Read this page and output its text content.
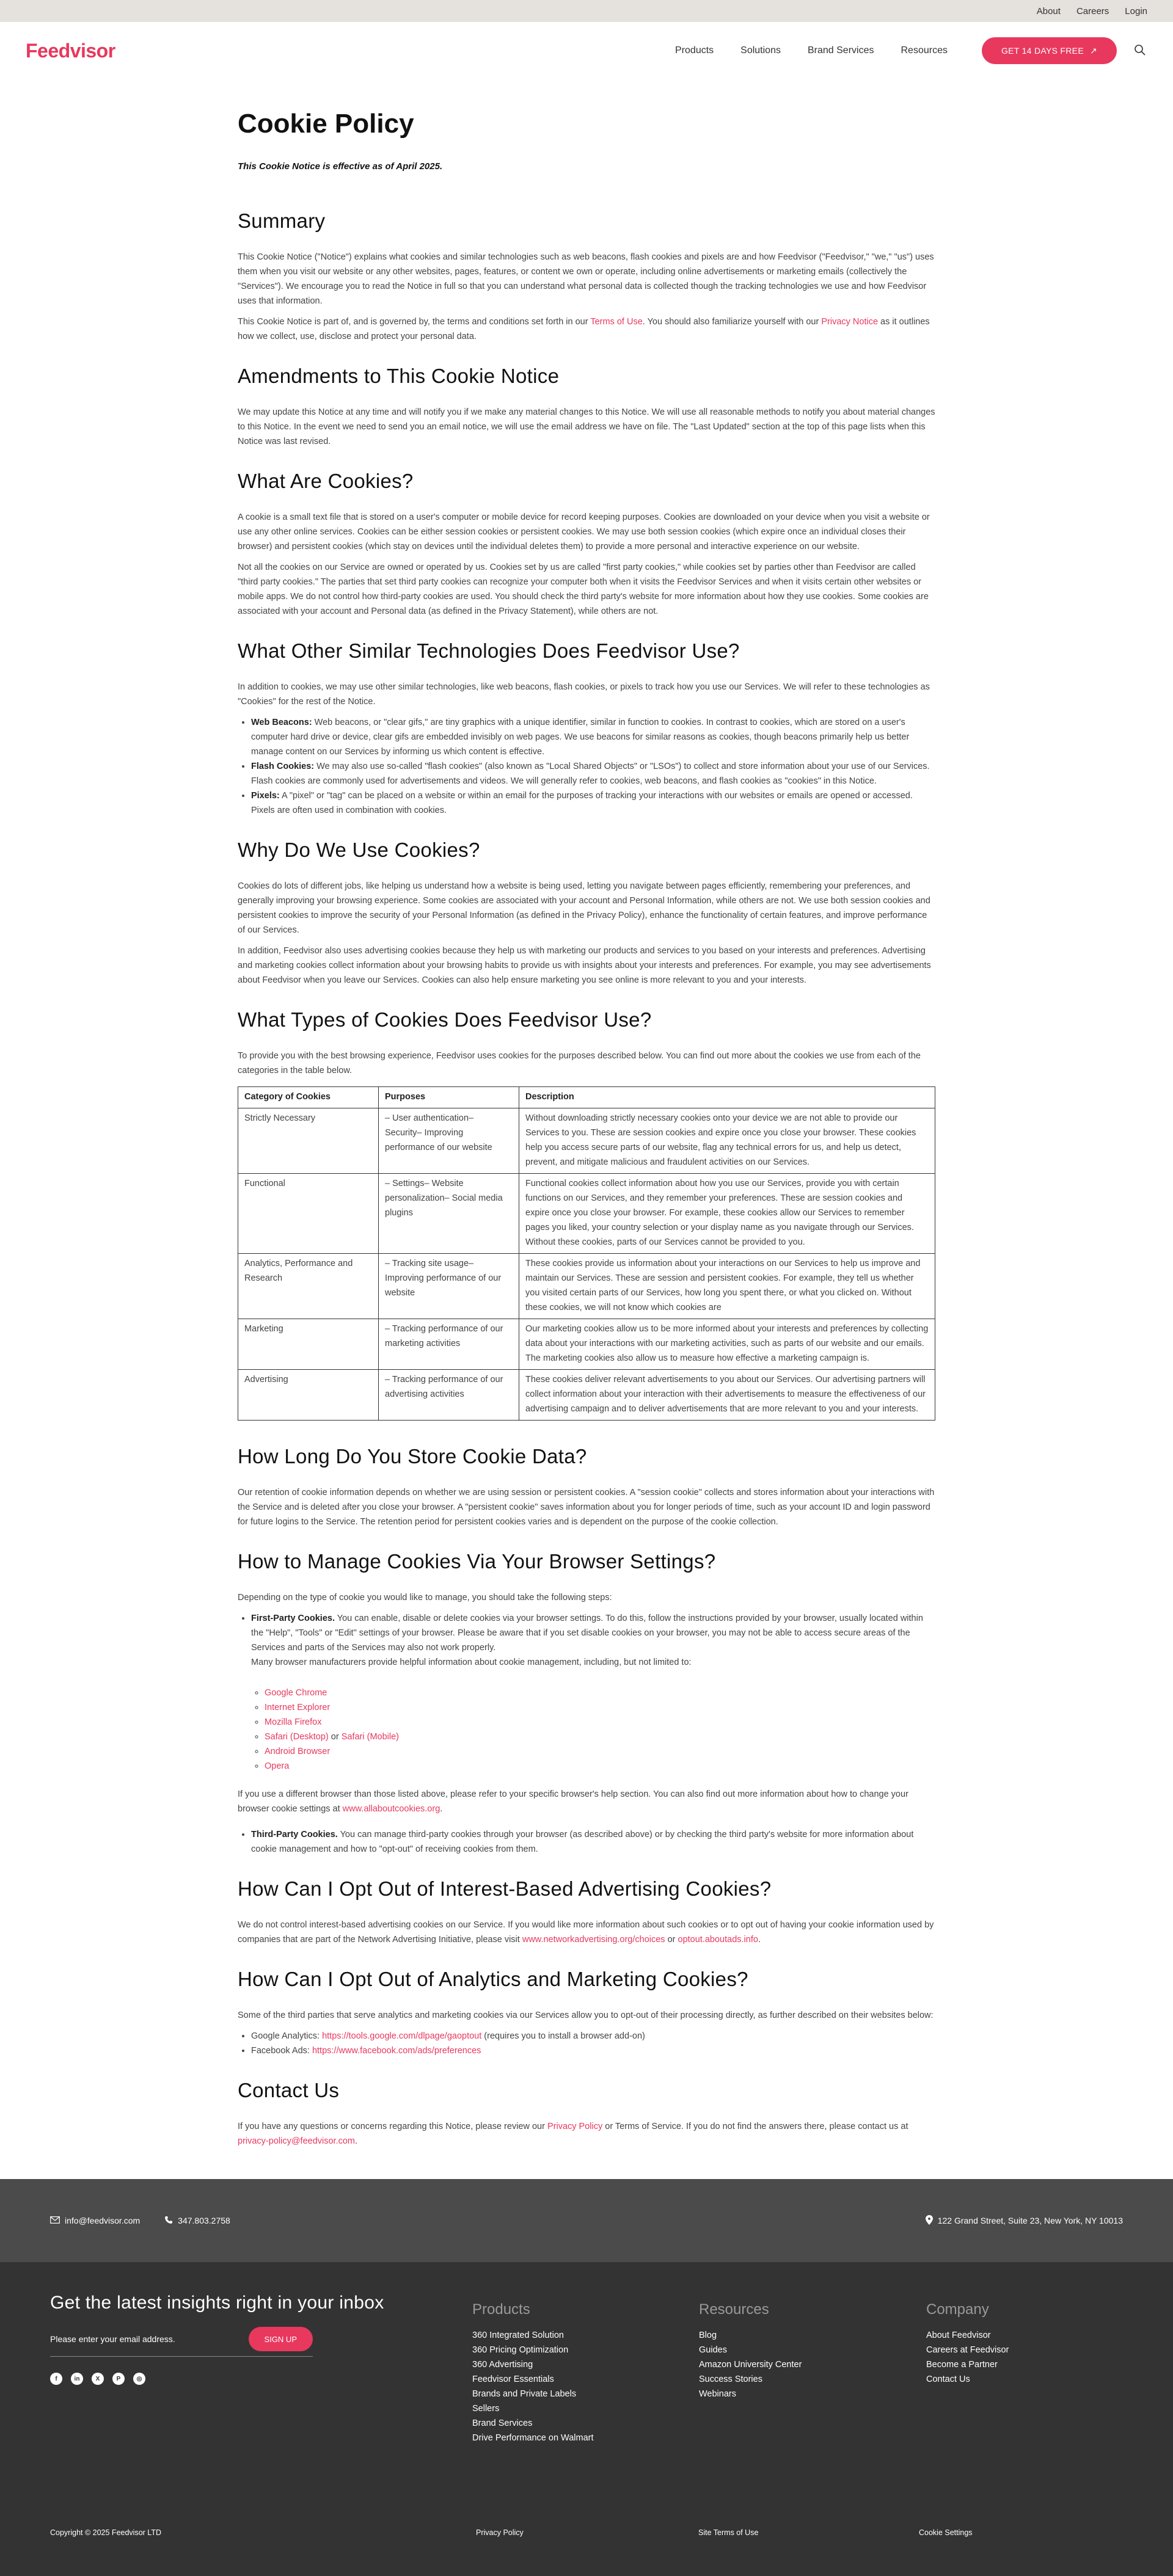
About Careers Login
Feedvisor	Products	Solutions	Brand Services	Resources	GET 14 DAYS FREE ↗
Cookie Policy
This Cookie Notice is effective as of April 2025.
Summary

This Cookie Notice ("Notice") explains what cookies and similar technologies such as web beacons, flash cookies and pixels are and how Feedvisor ("Feedvisor," "we," "us") uses them when you visit our website or any other websites, pages, features, or content we own or operate, including online advertisements or marketing emails (collectively the "Services"). We encourage you to read the Notice in full so that you can understand what personal data is collected though the tracking technologies we use and how Feedvisor uses that information.

This Cookie Notice is part of, and is governed by, the terms and conditions set forth in our Terms of Use. You should also familiarize yourself with our Privacy Notice as it outlines how we collect, use, disclose and protect your personal data.

Amendments to This Cookie Notice

We may update this Notice at any time and will notify you if we make any material changes to this Notice. We will use all reasonable methods to notify you about material changes to this Notice. In the event we need to send you an email notice, we will use the email address we have on file. The "Last Updated" section at the top of this page lists when this Notice was last revised.

What Are Cookies?

A cookie is a small text file that is stored on a user's computer or mobile device for record keeping purposes. Cookies are downloaded on your device when you visit a website or use any other online services. Cookies can be either session cookies or persistent cookies. We may use both session cookies (which expire once an individual closes their browser) and persistent cookies (which stay on devices until the individual deletes them) to provide a more personal and interactive experience on our website.

Not all the cookies on our Service are owned or operated by us. Cookies set by us are called "first party cookies," while cookies set by parties other than Feedvisor are called "third party cookies." The parties that set third party cookies can recognize your computer both when it visits the Feedvisor Services and when it visits certain other websites or mobile apps. We do not control how third-party cookies are used. You should check the third party's website for more information about how they use cookies. Some cookies are associated with your account and Personal data (as defined in the Privacy Statement), while others are not.

What Other Similar Technologies Does Feedvisor Use?

In addition to cookies, we may use other similar technologies, like web beacons, flash cookies, or pixels to track how you use our Services. We will refer to these technologies as "Cookies" for the rest of the Notice.

• Web Beacons: Web beacons, or "clear gifs," are tiny graphics with a unique identifier, similar in function to cookies. In contrast to cookies, which are stored on a user's computer hard drive or device, clear gifs are embedded invisibly on web pages. We use beacons for similar reasons as cookies, though beacons primarily help us better manage content on our Services by informing us which content is effective.
• Flash Cookies: We may also use so-called "flash cookies" (also known as "Local Shared Objects" or "LSOs") to collect and store information about your use of our Services. Flash cookies are commonly used for advertisements and videos. We will generally refer to cookies, web beacons, and flash cookies as "cookies" in this Notice.
• Pixels: A "pixel" or "tag" can be placed on a website or within an email for the purposes of tracking your interactions with our websites or emails are opened or accessed. Pixels are often used in combination with cookies.
Why Do We Use Cookies?

Cookies do lots of different jobs, like helping us understand how a website is being used, letting you navigate between pages efficiently, remembering your preferences, and generally improving your browsing experience. Some cookies are associated with your account and Personal Information, while others are not. We use both session cookies and persistent cookies to improve the security of your Personal Information (as defined in the Privacy Policy), enhance the functionality of certain features, and improve performance of our Services.

In addition, Feedvisor also uses advertising cookies because they help us with marketing our products and services to you based on your interests and preferences. Advertising and marketing cookies collect information about your browsing habits to provide us with insights about your interests and preferences. For example, you may see advertisements about Feedvisor when you leave our Services. Cookies can also help ensure marketing you see online is more relevant to you and your interests.

What Types of Cookies Does Feedvisor Use?

To provide you with the best browsing experience, Feedvisor uses cookies for the purposes described below. You can find out more about the cookies we use from each of the categories in the table below.

Category of Cookies	Purposes	Description
Strictly Necessary	– User authentication– Security– Improving performance of our website	Without downloading strictly necessary cookies onto your device we are not able to provide our Services to you. These are session cookies and expire once you close your browser. These cookies help you access secure parts of our website, flag any technical errors for us, and help us detect, prevent, and mitigate malicious and fraudulent activities on our Services.
Functional	– Settings– Website personalization– Social media plugins	Functional cookies collect information about how you use our Services, provide you with certain functions on our Services, and they remember your preferences. These are session cookies and expire once you close your browser. For example, these cookies allow our Services to remember pages you liked, your country selection or your display name as you navigate through our Services. Without these cookies, parts of our Services cannot be provided to you.
Analytics, Performance and Research	– Tracking site usage– Improving performance of our website	These cookies provide us information about your interactions on our Services to help us improve and maintain our Services. These are session and persistent cookies. For example, they tell us whether you visited certain parts of our Services, how long you spent there, or what you clicked on. Without these cookies, we will not know which cookies are
Marketing	– Tracking performance of our marketing activities	Our marketing cookies allow us to be more informed about your interests and preferences by collecting data about your interactions with our marketing activities, such as parts of our website and our emails. The marketing cookies also allow us to measure how effective a marketing campaign is.
Advertising	– Tracking performance of our advertising activities	These cookies deliver relevant advertisements to you about our Services. Our advertising partners will collect information about your interaction with their advertisements to measure the effectiveness of our advertising campaign and to deliver advertisements that are more relevant to you and your interests.
How Long Do You Store Cookie Data?

Our retention of cookie information depends on whether we are using session or persistent cookies. A "session cookie" collects and stores information about your interactions with the Service and is deleted after you close your browser. A "persistent cookie" saves information about you for longer periods of time, such as your account ID and login password for future logins to the Service. The retention period for persistent cookies varies and is dependent on the purpose of the cookie collection.

How to Manage Cookies Via Your Browser Settings?

Depending on the type of cookie you would like to manage, you should take the following steps:

• First-Party Cookies. You can enable, disable or delete cookies via your browser settings. To do this, follow the instructions provided by your browser, usually located within the "Help", "Tools" or "Edit" settings of your browser. Please be aware that if you set disable cookies on your browser, you may not be able to access secure areas of the Services and parts of the Services may also not work properly.
Many browser manufacturers provide helpful information about cookie management, including, but not limited to:
◦ Google Chrome
◦ Internet Explorer
◦ Mozilla Firefox
◦ Safari (Desktop) or Safari (Mobile)
◦ Android Browser
◦ Opera

If you use a different browser than those listed above, please refer to your specific browser's help section. You can also find out more information about how to change your browser cookie settings at www.allaboutcookies.org.

• Third-Party Cookies. You can manage third-party cookies through your browser (as described above) or by checking the third party's website for more information about cookie management and how to "opt-out" of receiving cookies from them.
How Can I Opt Out of Interest-Based Advertising Cookies?

We do not control interest-based advertising cookies on our Service. If you would like more information about such cookies or to opt out of having your cookie information used by companies that are part of the Network Advertising Initiative, please visit www.networkadvertising.org/choices or optout.aboutads.info.

How Can I Opt Out of Analytics and Marketing Cookies?

Some of the third parties that serve analytics and marketing cookies via our Services allow you to opt-out of their processing directly, as further described on their websites below:

• Google Analytics: https://tools.google.com/dlpage/gaoptout (requires you to install a browser add-on)
• Facebook Ads: https://www.facebook.com/ads/preferences
Contact Us

If you have any questions or concerns regarding this Notice, please review our Privacy Policy or Terms of Service. If you do not find the answers there, please contact us at privacy-policy@feedvisor.com.

info@feedvisor.com	347.803.2758	122 Grand Street, Suite 23, New York, NY 10013
Get the latest insights right in your inbox
Please enter your email address.
SIGN UP
f	in	X	P	◎
Products
360 Integrated Solution
360 Pricing Optimization
360 Advertising
Feedvisor Essentials
Brands and Private Labels
Sellers
Brand Services
Drive Performance on Walmart
Resources
Blog
Guides
Amazon University Center
Success Stories
Webinars
Company
About Feedvisor
Careers at Feedvisor
Become a Partner
Contact Us
Copyright © 2025 Feedvisor LTD	Privacy Policy	Site Terms of Use	Cookie Settings
